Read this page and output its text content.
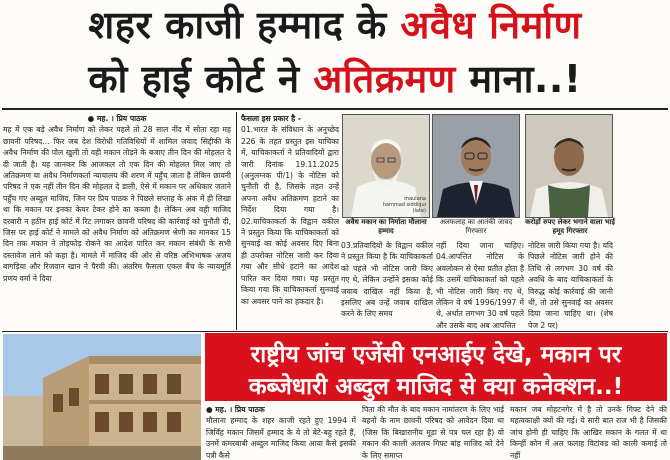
शहर काजी हम्माद के अवैध निर्माण
को हाई कोर्ट ने अतिक्रमण माना..!

● मह. । प्रिय पाठक

मह में एक बड़े अवैध निर्माण को लेकर पहले तो 28 साल नींद में सोता रहा मह छावनी परिषद... फिर जब देश विरोधी गतिविधियों में शामिल जवाद सिद्दीकी के अवैध निर्माण की पोल खुली तो वही मकान तोड़ने के बजाए तीन दिन की मोहलत दे दी जाती है। यह जानकर कि आजकल तो एक दिन की मोहलत मिल जाए तो अतिक्रमण या अवैध निर्माणकर्ता न्यायालय की शरण में पहुँच जाता है लेकिन छावनी परिषद ने एक नहीं तीन दिन की मोहलत दे डाली, ऐसे में मकान पर अधिकार जताने पहुँच गए अब्दुल माजिद, जिन पर प्रिय पाठक ने पिछले सप्ताह के अंक में ही लिखा था कि मकान पर इनका केयर टेकर होने का कब्जा है। लेकिन अब वही माजिद दरबारी न हठीन हाई कोर्ट में रिट लगाकर छावनी परिषद की कार्रवाई को चुनौती दी, जिस पर हाई कोर्ट ने मामले को अवैध निर्माण को अतिक्रमण श्रेणी का मानकर 15 दिन तक मकान ने तोड़फोड़ रोकने का आदेश पारित कर मकान संबंधी के सभी दस्तावेज लाने को कहा है। मामले में माजिद की ओर से वरिष्ठ अभिभाषक अजय बागड़िया और रिजवान खान ने पैरवी की। अंतरिम फैसला एकल बैंच के न्यायमूर्ति प्रणय वर्मा ने दिया

फैसला इस प्रकार है -

01.भारत के संविधान के अनुच्छेद 226 के तहत प्रस्तुत इस याचिका में, याचिकाकर्ता ने प्रतिवादियों द्वारा जारी दिनांक 19.11.2025 (अनुलग्नक पी/1) के नोटिस को चुनौती दी है, जिसके तहत उन्हें अपना अवैध अतिक्रमण हटाने का निर्देश दिया गया है। 02.याचिकाकर्ता के विद्वान वकील ने प्रस्तुत किया कि याचिकाकर्ता को सुनवाई का कोई अवसर दिए बिना ही उपरोक्त नोटिस जारी कर दिया गया और सीधे हटाने का आदेश पारित कर दिया गया। यह प्रस्तुत किया गया कि याचिकाकर्ता सुनवाई का अवसर पाने का हकदार है।

maulana hammad siddiqui (late)
अवैध मकान का निर्माता मौलाना हम्माद
अलफलाह का आतंकी जावद गिरफ्तार
करोड़ों रुपए लेकर भगाने वाला भाई हमूद गिरफ्तार

03.प्रतिवादियों के विद्वान वकील ने प्रस्तुत किया है कि याचिकाकर्ता को पहले भी नोटिस जारी किए गए थे, लेकिन उन्होंने इसका कोई जवाब दाखिल नहीं किया है, इसलिए अब उन्हें जवाब दाखिल करने के लिए समय

नहीं दिया जाना चाहिए। 04.आपत्तित नोटिस के अवलोकन से ऐसा प्रतीत होता है कि उसमें याचिकाकर्ता को पहले भी नोटिस जारी किए गए थे, लेकिन वे वर्ष 1996/1997 में थे, अर्थात लगभग 30 वर्ष पहले और उसके बाद अब आपत्तित

नोटिस जारी किया गया है। यदि पिछले नोटिस जारी होने की तिथि से लगभग 30 वर्ष की अवधि के बाद याचिकाकर्ता के विरुद्ध कोई कार्रवाई की जानी थी, तो उसे सुनवाई का अवसर दिया जाना चाहिए था। (शेष पेज 2 पर)

राष्ट्रीय जांच एजेंसी एनआईए देखे, मकान पर
कब्जेधारी अब्दुल माजिद से क्या कनेक्शन..!

● मह. । प्रिय पाठक

मौलाना हम्माद के शहर काजी रहते हुए 1994 में जिर्विह मकान जिसमें हम्माद के ये तो बेटे-बहु रहते हैं, उनमें कमरबाबी अब्दुल माजिद किया आया कैसे इसकी पत्री कैसे

पिता की मौत के बाद मकान नामांतरण के लिए भाई बहनों के नाम छावनी परिषद को आवेदन दिया था (जिस कि बिखारानीय मूडा से पत्र चल रहा है) वो मकान की काली अतलय गिफ्ट बांह माजिद को देने के लिए समाप्त

मकान जब मोहटनगेर में है तो उनके गिफ्ट देने की महत्वकाक्षी क्यों की गई। ये सारी बात राज भी है जिसकी जांच होनी ही चाहिए कि आखिर मकान के गलत में था किन्हीं कोन में अल फलाह विटांक्ड को काली कमाई तो नहीं
